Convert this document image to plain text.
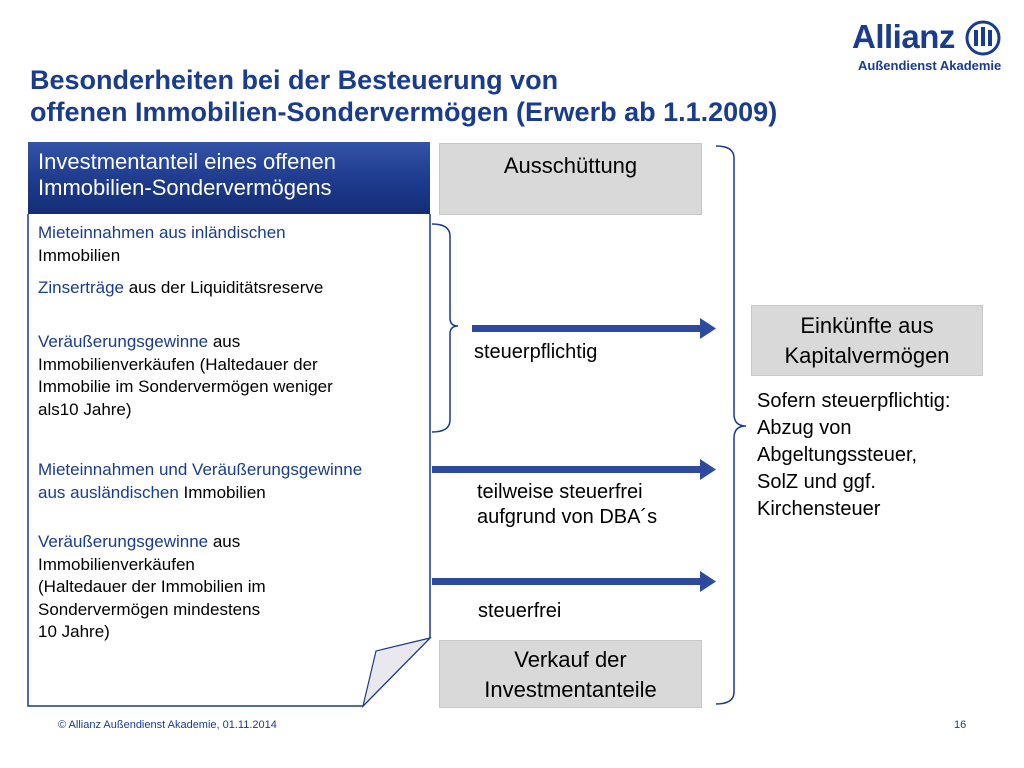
Besonderheiten bei der Besteuerung von
offenen Immobilien-Sondervermögen (Erwerb ab 1.1.2009)
Allianz
Außendienst Akademie
Investmentanteil eines offenen
Immobilien-Sondervermögens
Mieteinnahmen aus inländischen
Immobilien
Zinserträge aus der Liquiditätsreserve
Veräußerungsgewinne aus
Immobilienverkäufen (Haltedauer der
Immobilie im Sondervermögen weniger
als10 Jahre)
Mieteinnahmen und Veräußerungsgewinne
aus ausländischen Immobilien
Veräußerungsgewinne aus
Immobilienverkäufen
(Haltedauer der Immobilien im
Sondervermögen mindestens
10 Jahre)
steuerpflichtig
teilweise steuerfrei
aufgrund von DBA´s
steuerfrei
Ausschüttung
Verkauf der
Investmentanteile
Einkünfte aus
Kapitalvermögen
Sofern steuerpflichtig:
Abzug von
Abgeltungssteuer,
SolZ und ggf.
Kirchensteuer
© Allianz Außendienst Akademie, 01.11.2014	16
